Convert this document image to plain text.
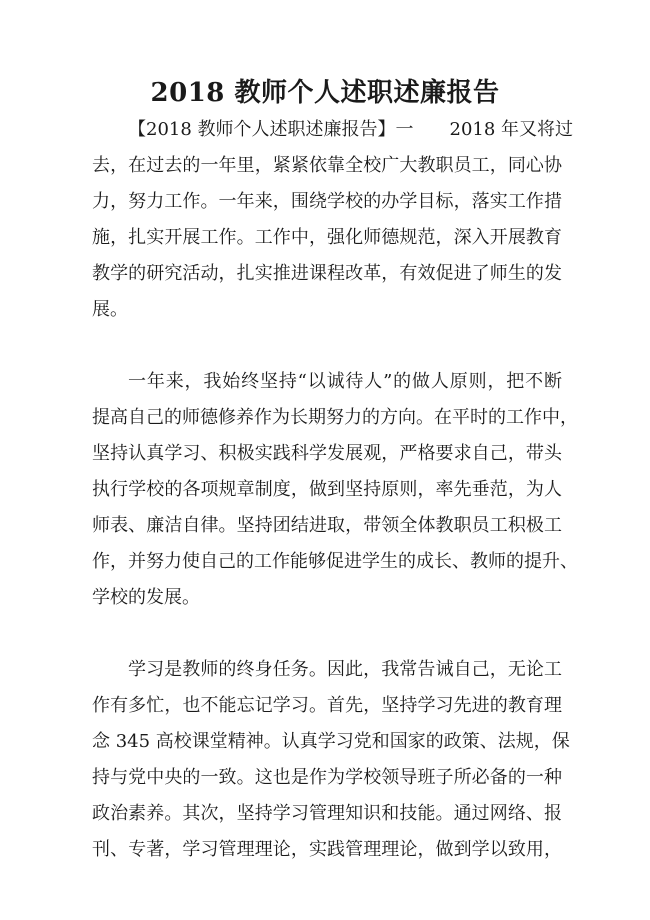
2018 教师个人述职述廉报告
【2018 教师个人述职述廉报告】一　　2018 年又将过
去，在过去的一年里，紧紧依靠全校广大教职员工，同心协
力，努力工作。一年来，围绕学校的办学目标，落实工作措
施，扎实开展工作。工作中，强化师德规范，深入开展教育
教学的研究活动，扎实推进课程改革，有效促进了师生的发
展。
一年来，我始终坚持“以诚待人”的做人原则，把不断
提高自己的师德修养作为长期努力的方向。在平时的工作中，
坚持认真学习、积极实践科学发展观，严格要求自己，带头
执行学校的各项规章制度，做到坚持原则，率先垂范，为人
师表、廉洁自律。坚持团结进取，带领全体教职员工积极工
作，并努力使自己的工作能够促进学生的成长、教师的提升、
学校的发展。
学习是教师的终身任务。因此，我常告诫自己，无论工
作有多忙，也不能忘记学习。首先，坚持学习先进的教育理
念 345 高校课堂精神。认真学习党和国家的政策、法规，保
持与党中央的一致。这也是作为学校领导班子所必备的一种
政治素养。其次，坚持学习管理知识和技能。通过网络、报
刊、专著，学习管理理论，实践管理理论，做到学以致用，
